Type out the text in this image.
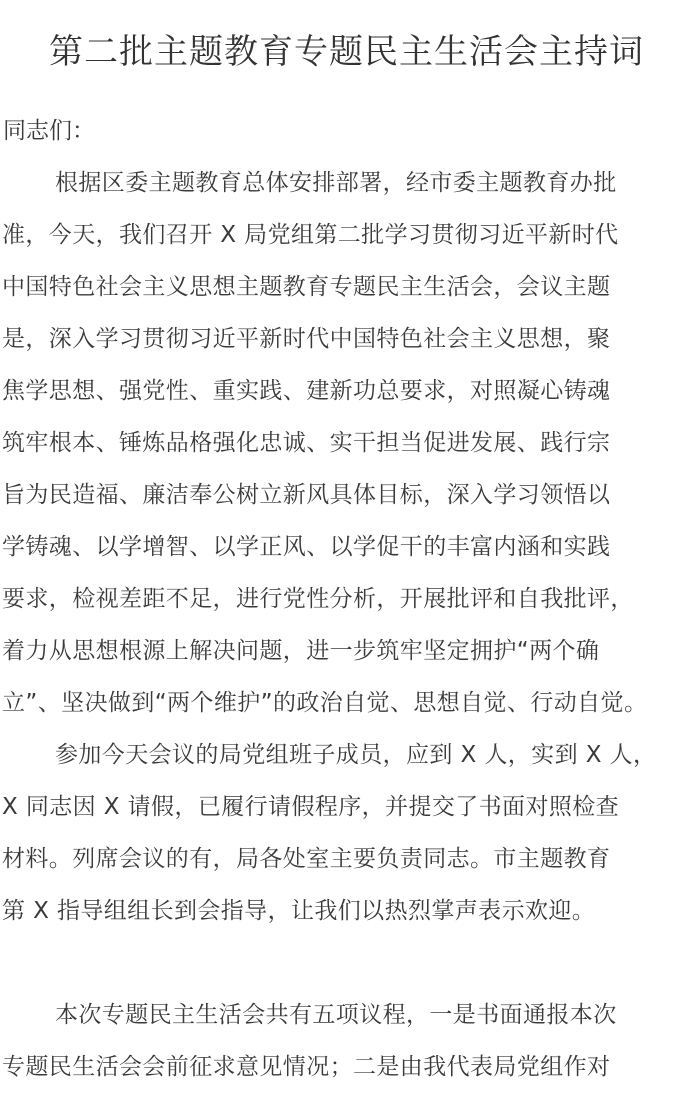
第二批主题教育专题民主生活会主持词
同志们：
根据区委主题教育总体安排部署，经市委主题教育办批
准，今天，我们召开 X 局党组第二批学习贯彻习近平新时代
中国特色社会主义思想主题教育专题民主生活会，会议主题
是，深入学习贯彻习近平新时代中国特色社会主义思想，聚
焦学思想、强党性、重实践、建新功总要求，对照凝心铸魂
筑牢根本、锤炼品格强化忠诚、实干担当促进发展、践行宗
旨为民造福、廉洁奉公树立新风具体目标，深入学习领悟以
学铸魂、以学增智、以学正风、以学促干的丰富内涵和实践
要求，检视差距不足，进行党性分析，开展批评和自我批评，
着力从思想根源上解决问题，进一步筑牢坚定拥护“两个确
立”、坚决做到“两个维护”的政治自觉、思想自觉、行动自觉。
参加今天会议的局党组班子成员，应到 X 人，实到 X 人，
X 同志因 X 请假，已履行请假程序，并提交了书面对照检查
材料。列席会议的有，局各处室主要负责同志。市主题教育
第 X 指导组组长到会指导，让我们以热烈掌声表示欢迎。
本次专题民主生活会共有五项议程，一是书面通报本次
专题民生活会会前征求意见情况；二是由我代表局党组作对
